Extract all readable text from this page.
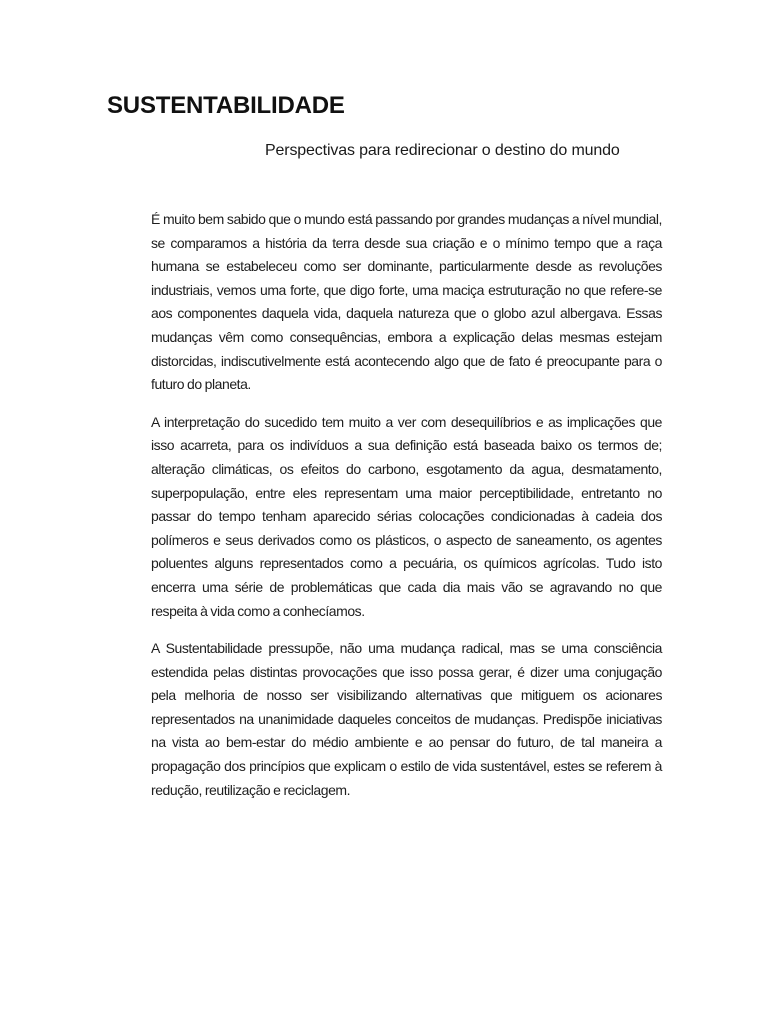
SUSTENTABILIDADE
Perspectivas para redirecionar o destino do mundo

É muito bem sabido que o mundo está passando por grandes mudanças a nível mundial, se comparamos a história da terra desde sua criação e o mínimo tempo que a raça humana se estabeleceu como ser dominante, particularmente desde as revoluções industriais, vemos uma forte, que digo forte, uma maciça estruturação no que refere-se aos componentes daquela vida, daquela natureza que o globo azul albergava. Essas mudanças vêm como consequências, embora a explicação delas mesmas estejam distorcidas, indiscutivelmente está acontecendo algo que de fato é preocupante para o futuro do planeta.

A interpretação do sucedido tem muito a ver com desequilíbrios e as implicações que isso acarreta, para os indivíduos a sua definição está baseada baixo os termos de; alteração climáticas, os efeitos do carbono, esgotamento da agua, desmatamento, superpopulação, entre eles representam uma maior perceptibilidade, entretanto no passar do tempo tenham aparecido sérias colocações condicionadas à cadeia dos polímeros e seus derivados como os plásticos, o aspecto de saneamento, os agentes poluentes alguns representados como a pecuária, os químicos agrícolas. Tudo isto encerra uma série de problemáticas que cada dia mais vão se agravando no que respeita à vida como a conhecíamos.

A Sustentabilidade pressupõe, não uma mudança radical, mas se uma consciência estendida pelas distintas provocações que isso possa gerar, é dizer uma conjugação pela melhoria de nosso ser visibilizando alternativas que mitiguem os acionares representados na unanimidade daqueles conceitos de mudanças. Predispõe iniciativas na vista ao bem-estar do médio ambiente e ao pensar do futuro, de tal maneira a propagação dos princípios que explicam o estilo de vida sustentável, estes se referem à redução, reutilização e reciclagem.
